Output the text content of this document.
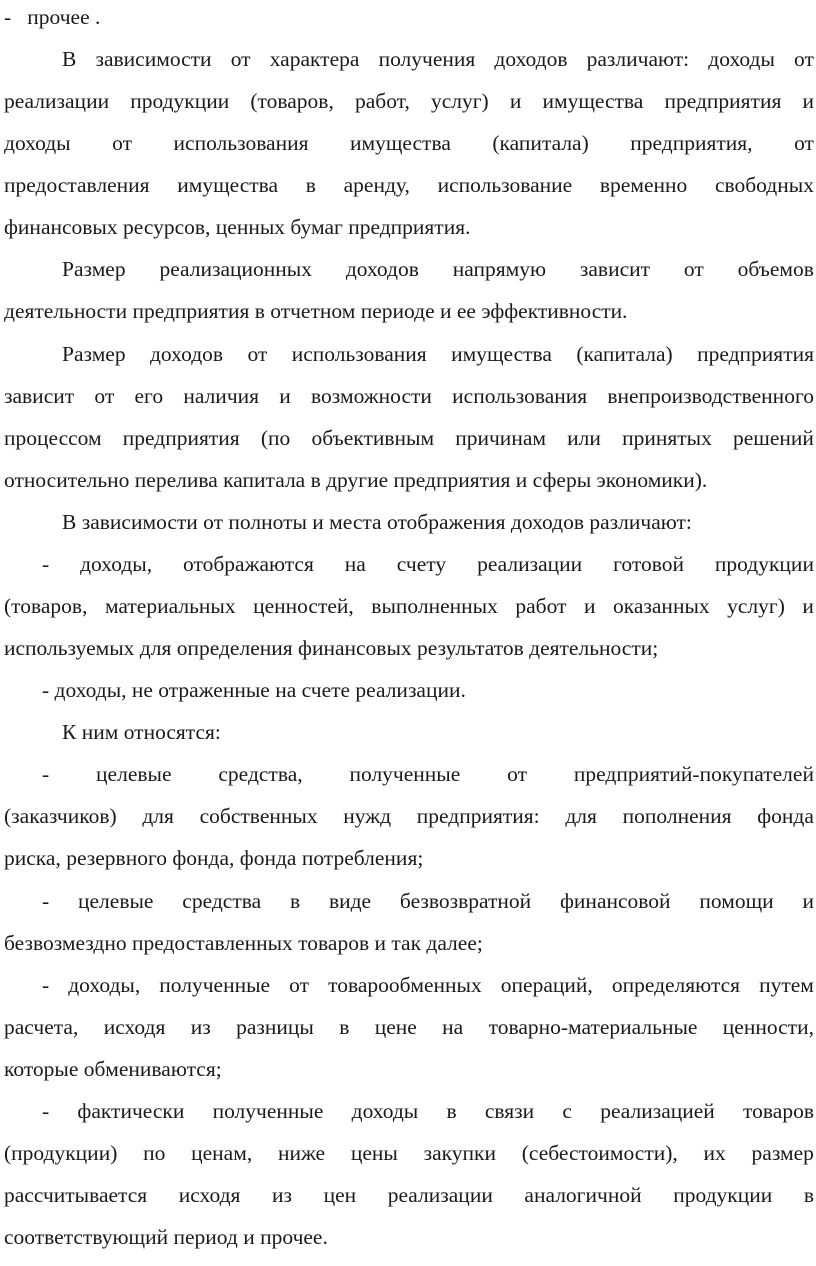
-   прочее .
В зависимости от характера получения доходов различают: доходы от
реализации продукции (товаров, работ, услуг) и имущества предприятия и
доходы от использования имущества (капитала) предприятия, от
предоставления имущества в аренду, использование временно свободных
финансовых ресурсов, ценных бумаг предприятия.
Размер реализационных доходов напрямую зависит от объемов
деятельности предприятия в отчетном периоде и ее эффективности.
Размер доходов от использования имущества (капитала) предприятия
зависит от его наличия и возможности использования внепроизводственного
процессом предприятия (по объективным причинам или принятых решений
относительно перелива капитала в другие предприятия и сферы экономики).
В зависимости от полноты и места отображения доходов различают:
- доходы, отображаются на счету реализации готовой продукции
(товаров, материальных ценностей, выполненных работ и оказанных услуг) и
используемых для определения финансовых результатов деятельности;
- доходы, не отраженные на счете реализации.
К ним относятся:
- целевые средства, полученные от предприятий-покупателей
(заказчиков) для собственных нужд предприятия: для пополнения фонда
риска, резервного фонда, фонда потребления;
- целевые средства в виде безвозвратной финансовой помощи и
безвозмездно предоставленных товаров и так далее;
- доходы, полученные от товарообменных операций, определяются путем
расчета, исходя из разницы в цене на товарно-материальные ценности,
которые обмениваются;
- фактически полученные доходы в связи с реализацией товаров
(продукции) по ценам, ниже цены закупки (себестоимости), их размер
рассчитывается исходя из цен реализации аналогичной продукции в
соответствующий период и прочее.
